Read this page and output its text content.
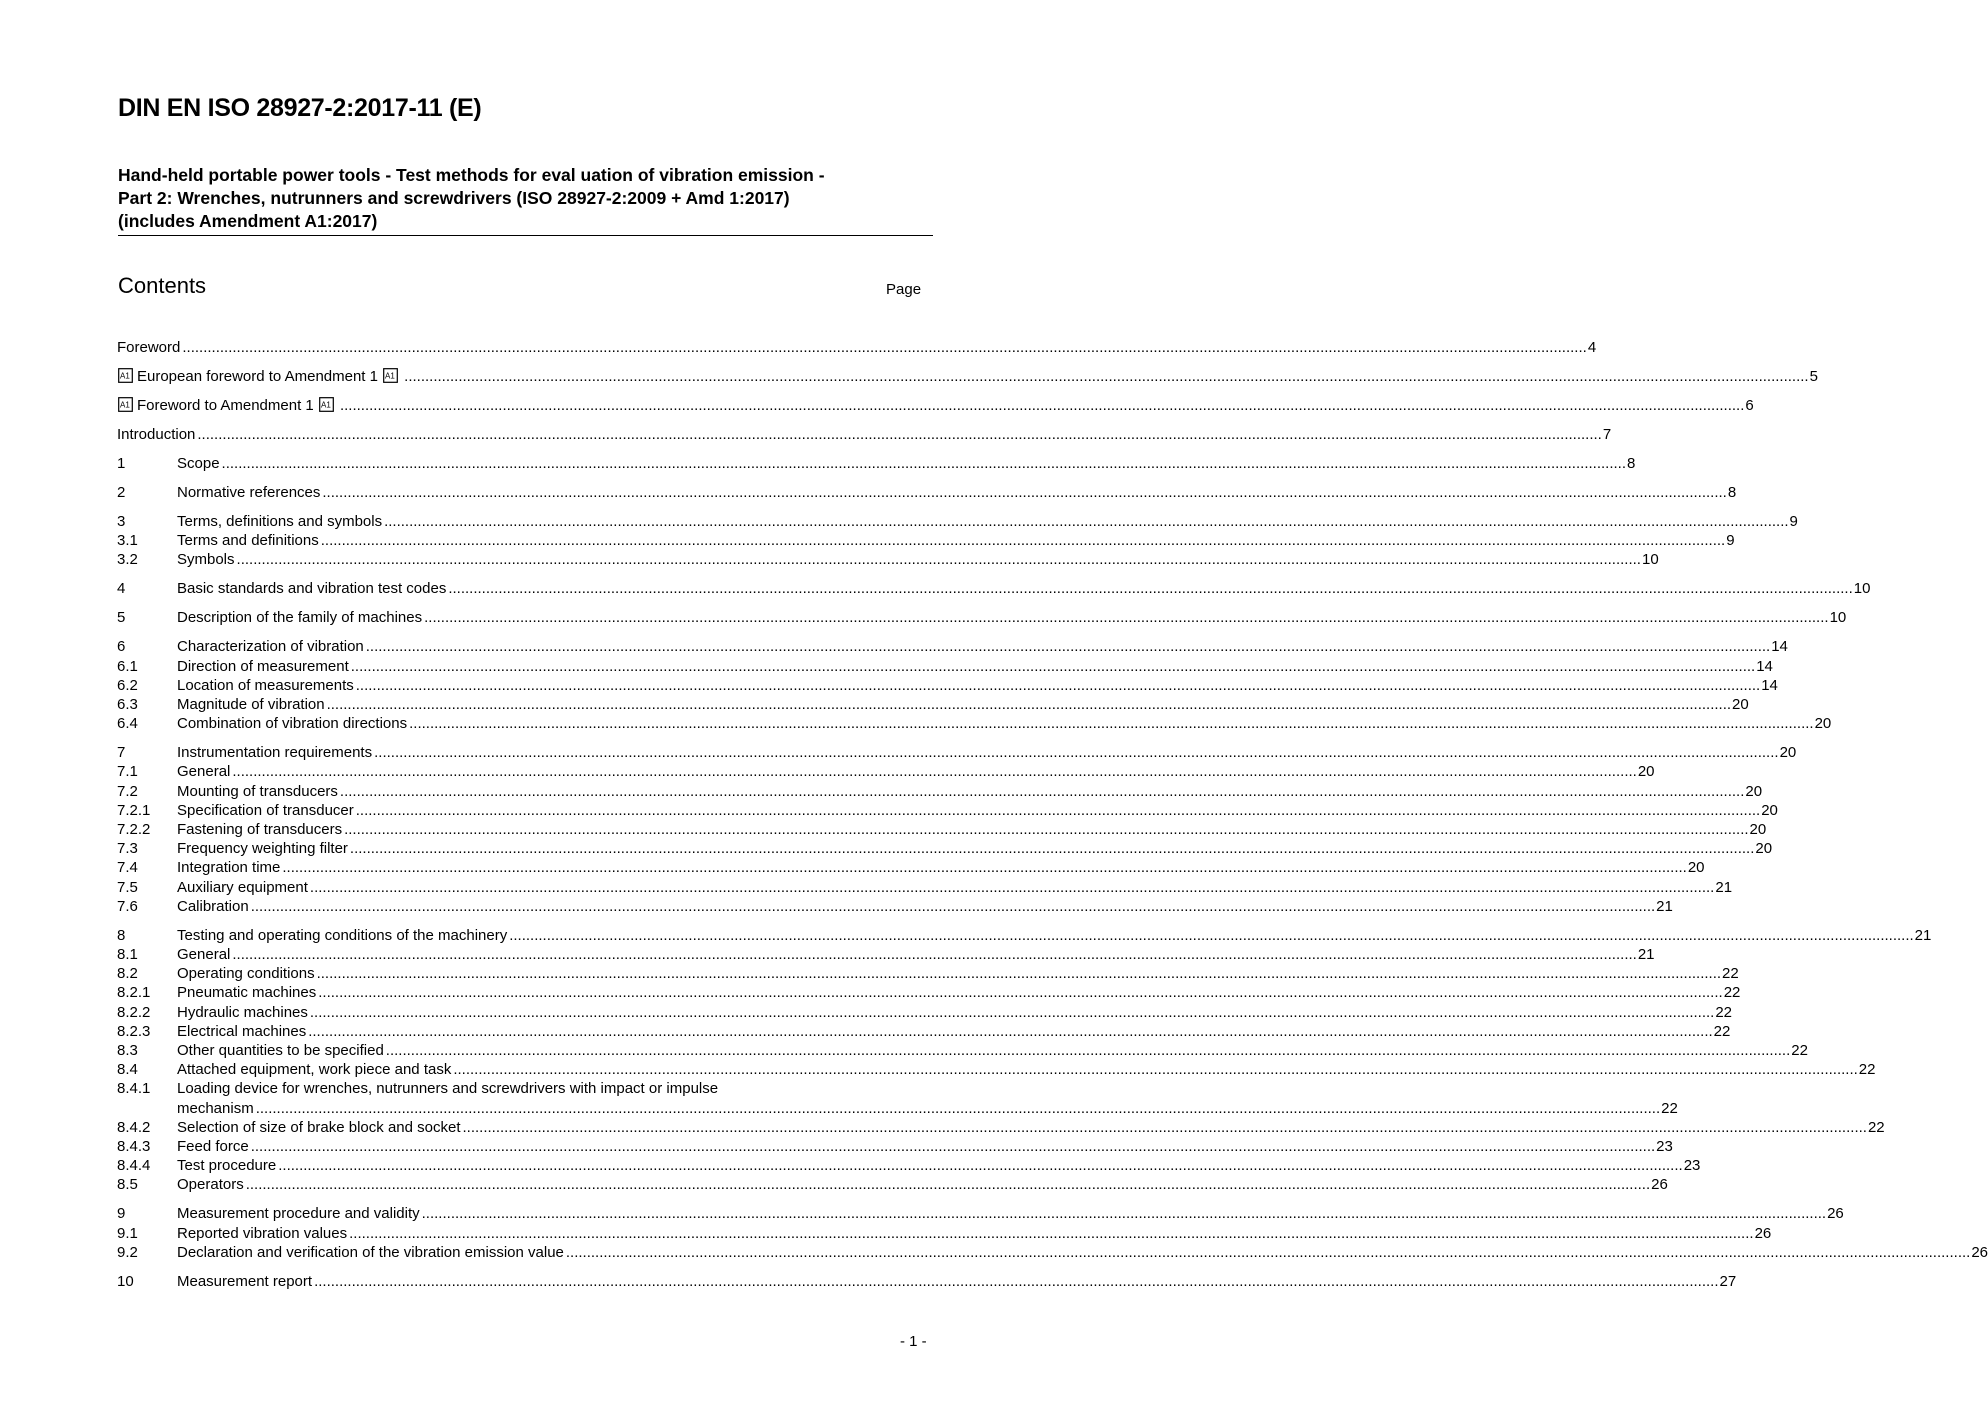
DIN EN ISO 28927-2:2017-11 (E)
Hand-held portable power tools - Test methods for eval uation of vibration emission -
Part 2: Wrenches, nutrunners and screwdrivers (ISO 28927-2:2009 + Amd 1:2017)
(includes Amendment A1:2017)
Contents	Page
Foreword .....	4
A1 European foreword to Amendment 1 A1 .....	5
A1 Foreword to Amendment 1 A1 .....	6
Introduction .....	7
1	Scope .....	8
2	Normative references .....	8
3	Terms, definitions and symbols .....	9
3.1	Terms and definitions .....	9
3.2	Symbols .....	10
4	Basic standards and vibration test codes .....	10
5	Description of the family of machines .....	10
6	Characterization of vibration .....	14
6.1	Direction of measurement .....	14
6.2	Location of measurements .....	14
6.3	Magnitude of vibration .....	20
6.4	Combination of vibration directions .....	20
7	Instrumentation requirements .....	20
7.1	General .....	20
7.2	Mounting of transducers .....	20
7.2.1	Specification of transducer .....	20
7.2.2	Fastening of transducers .....	20
7.3	Frequency weighting filter .....	20
7.4	Integration time .....	20
7.5	Auxiliary equipment .....	21
7.6	Calibration .....	21
8	Testing and operating conditions of the machinery .....	21
8.1	General .....	21
8.2	Operating conditions .....	22
8.2.1	Pneumatic machines .....	22
8.2.2	Hydraulic machines .....	22
8.2.3	Electrical machines .....	22
8.3	Other quantities to be specified .....	22
8.4	Attached equipment, work piece and task .....	22
8.4.1	Loading device for wrenches, nutrunners and screwdrivers with impact or impulse
mechanism .....	22
8.4.2	Selection of size of brake block and socket .....	22
8.4.3	Feed force .....	23
8.4.4	Test procedure .....	23
8.5	Operators .....	26
9	Measurement procedure and validity .....	26
9.1	Reported vibration values .....	26
9.2	Declaration and verification of the vibration emission value .....	26
10	Measurement report .....	27
- 1 -
